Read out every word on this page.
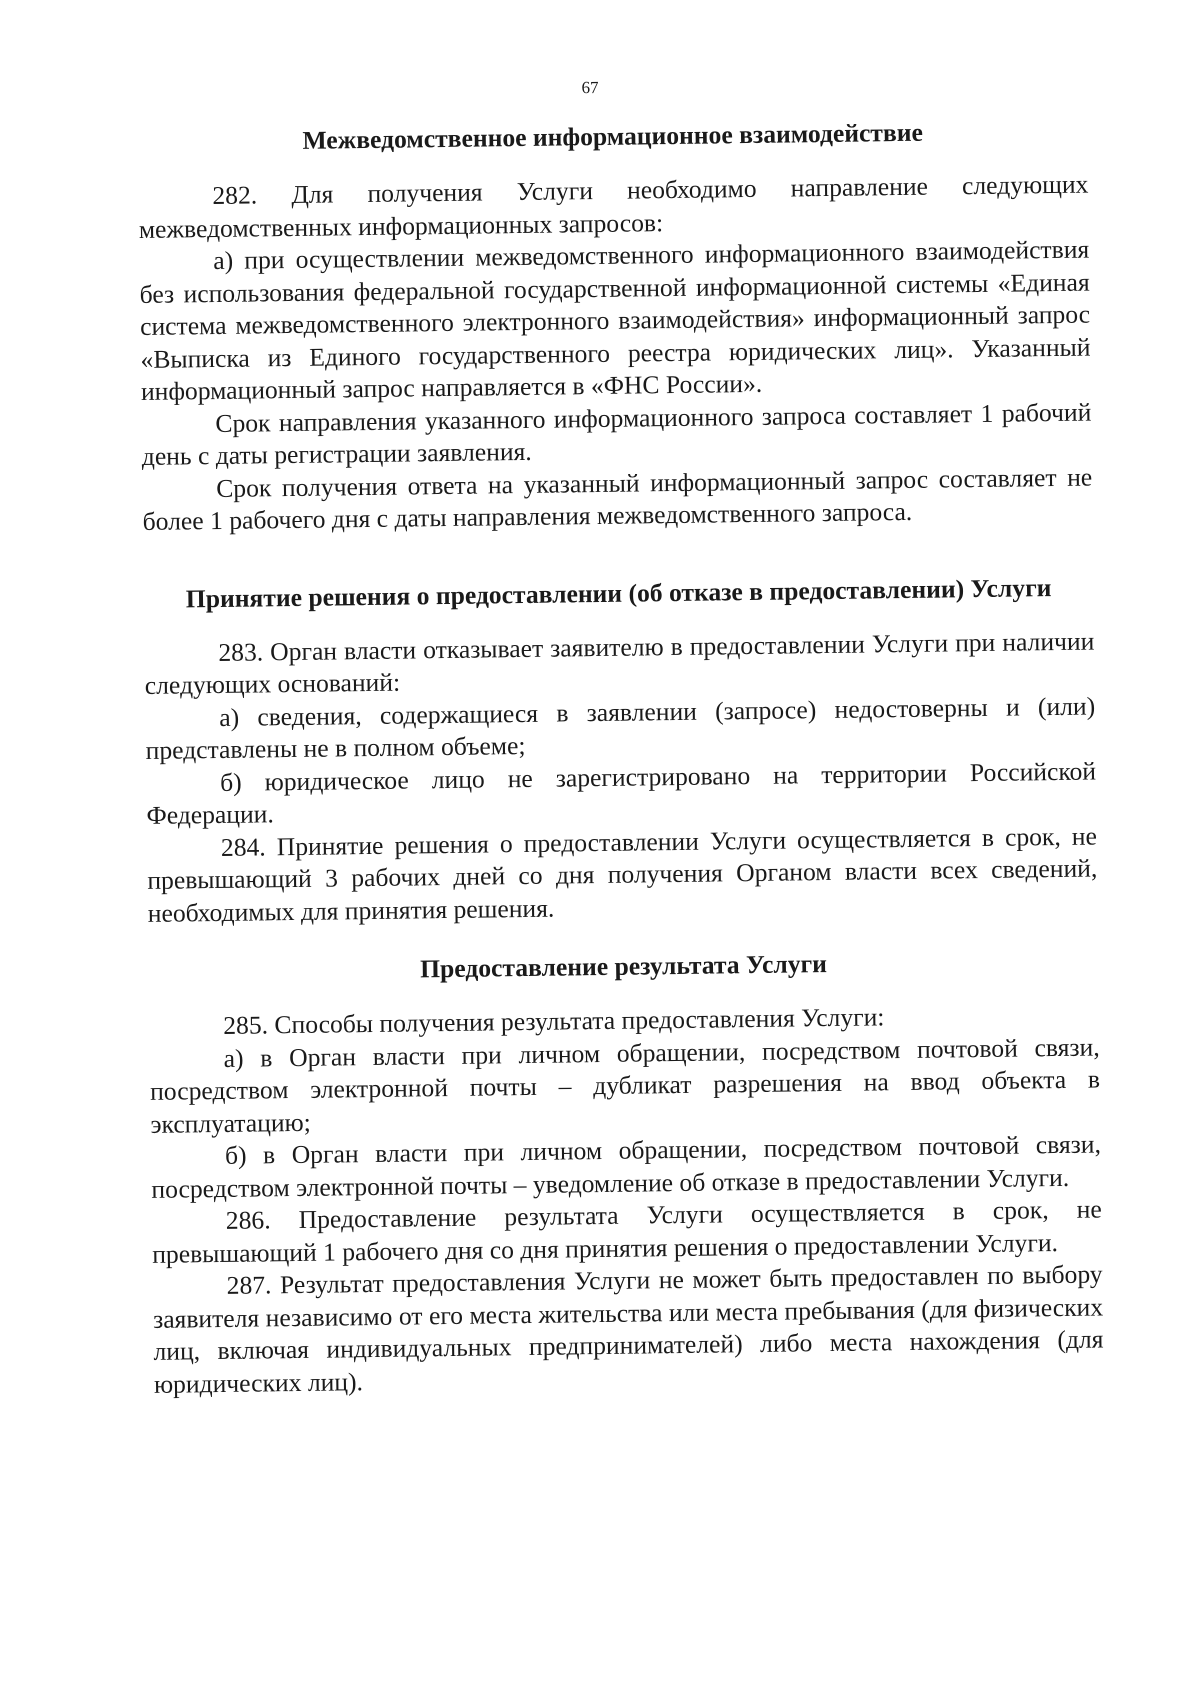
67
Межведомственное информационное взаимодействие

282. Для получения Услуги необходимо направление следующих межведомственных информационных запросов:

а) при осуществлении межведомственного информационного взаимодействия без использования федеральной государственной информационной системы «Единая система межведомственного электронного взаимодействия» информационный запрос «Выписка из Единого государственного реестра юридических лиц». Указанный информационный запрос направляется в «ФНС России».

Срок направления указанного информационного запроса составляет 1 рабочий день с даты регистрации заявления.

Срок получения ответа на указанный информационный запрос составляет не более 1 рабочего дня с даты направления межведомственного запроса.

Принятие решения о предоставлении (об отказе в предоставлении) Услуги

283. Орган власти отказывает заявителю в предоставлении Услуги при наличии следующих оснований:

а) сведения, содержащиеся в заявлении (запросе) недостоверны и (или) представлены не в полном объеме;

б) юридическое лицо не зарегистрировано на территории Российской Федерации.

284. Принятие решения о предоставлении Услуги осуществляется в срок, не превышающий 3 рабочих дней со дня получения Органом власти всех сведений, необходимых для принятия решения.

Предоставление результата Услуги

285. Способы получения результата предоставления Услуги:

а) в Орган власти при личном обращении, посредством почтовой связи, посредством электронной почты – дубликат разрешения на ввод объекта в эксплуатацию;

б) в Орган власти при личном обращении, посредством почтовой связи, посредством электронной почты – уведомление об отказе в предоставлении Услуги.

286. Предоставление результата Услуги осуществляется в срок, не превышающий 1 рабочего дня со дня принятия решения о предоставлении Услуги.

287. Результат предоставления Услуги не может быть предоставлен по выбору заявителя независимо от его места жительства или места пребывания (для физических лиц, включая индивидуальных предпринимателей) либо места нахождения (для юридических лиц).
